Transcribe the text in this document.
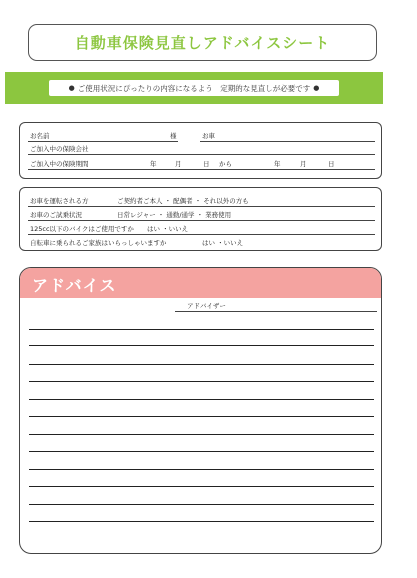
自動車保険見直しアドバイスシート
● ご使用状況にぴったりの内容になるよう　定期的な見直しが必要です ●
お名前	様	お車
ご加入中の保険会社
ご加入中の保険期間	年	月	日 から	年	月	日
お車を運転される方	ご契約者ご本人 ・ 配偶者 ・ それ以外の方も
お車のご試乗状況	日常レジャー ・ 通勤/通学 ・ 業務使用
125cc以下のバイクはご使用ですか はい ・いいえ
自転車に乗られるご家族はいらっしゃいますか	はい ・いいえ
アドバイス
アドバイザー
